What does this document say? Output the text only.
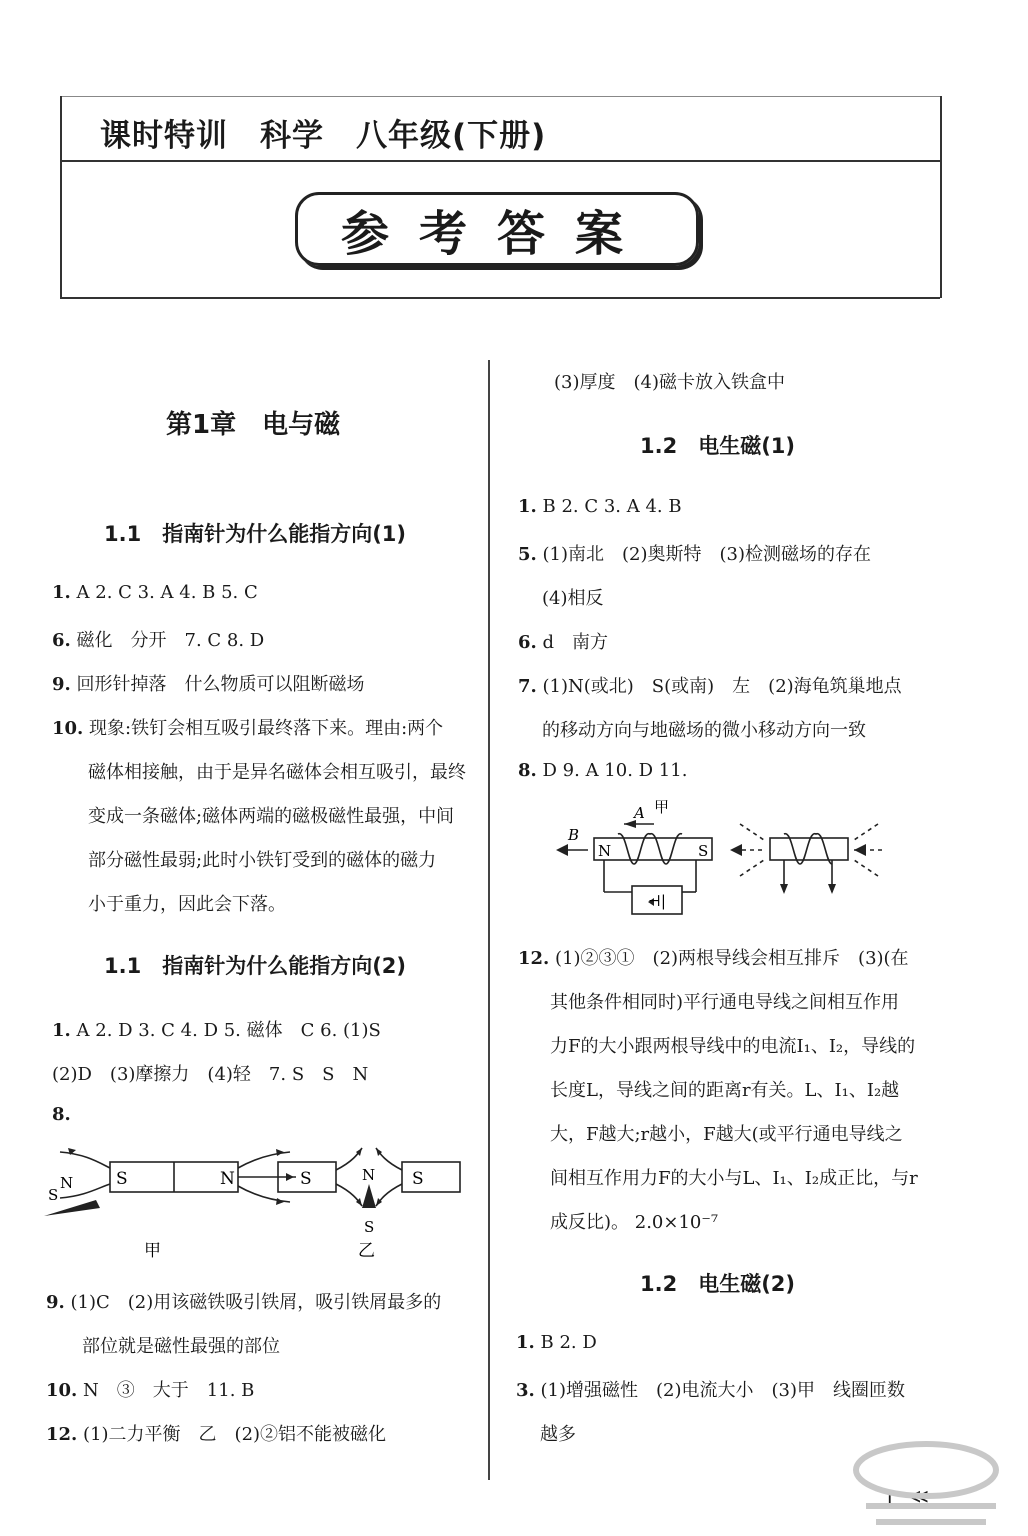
课时特训　科学　八年级(下册)
参考答案
第1章　电与磁
1.1　指南针为什么能指方向(1)
1. A 2. C 3. A 4. B 5. C
6. 磁化　分开　7. C 8. D
9. 回形针掉落　什么物质可以阻断磁场
10. 现象:铁钉会相互吸引最终落下来。理由:两个
磁体相接触，由于是异名磁体会相互吸引，最终
变成一条磁体;磁体两端的磁极磁性最强，中间
部分磁性最弱;此时小铁钉受到的磁体的磁力
小于重力，因此会下落。
1.1　指南针为什么能指方向(2)
1. A 2. D 3. C 4. D 5. 磁体　C 6. (1)S
(2)D　(3)摩擦力　(4)轻　7. S　S　N
8.
S	N
N
S
S	S
N
S
甲	乙
9. (1)C　(2)用该磁铁吸引铁屑，吸引铁屑最多的
部位就是磁性最强的部位
10. N　③　大于　11. B
12. (1)二力平衡　乙　(2)②铝不能被磁化
(3)厚度　(4)磁卡放入铁盒中
1.2　电生磁(1)
1. B 2. C 3. A 4. B
5. (1)南北　(2)奥斯特　(3)检测磁场的存在
(4)相反
6. d　南方
7. (1)N(或北)　S(或南)　左　(2)海龟筑巢地点
的移动方向与地磁场的微小移动方向一致
8. D 9. A 10. D 11.
B
A 甲
N	S
⊣|
12. (1)②③①　(2)两根导线会相互排斥　(3)(在
其他条件相同时)平行通电导线之间相互作用
力F的大小跟两根导线中的电流I₁、I₂，导线的
长度L，导线之间的距离r有关。L、I₁、I₂越
大，F越大;r越小，F越大(或平行通电导线之
间相互作用力F的大小与L、I₁、I₂成正比，与r
成反比)。 2.0×10⁻⁷
1.2　电生磁(2)
1. B 2. D
3. (1)增强磁性　(2)电流大小　(3)甲　线圈匝数
越多
1 ≪
